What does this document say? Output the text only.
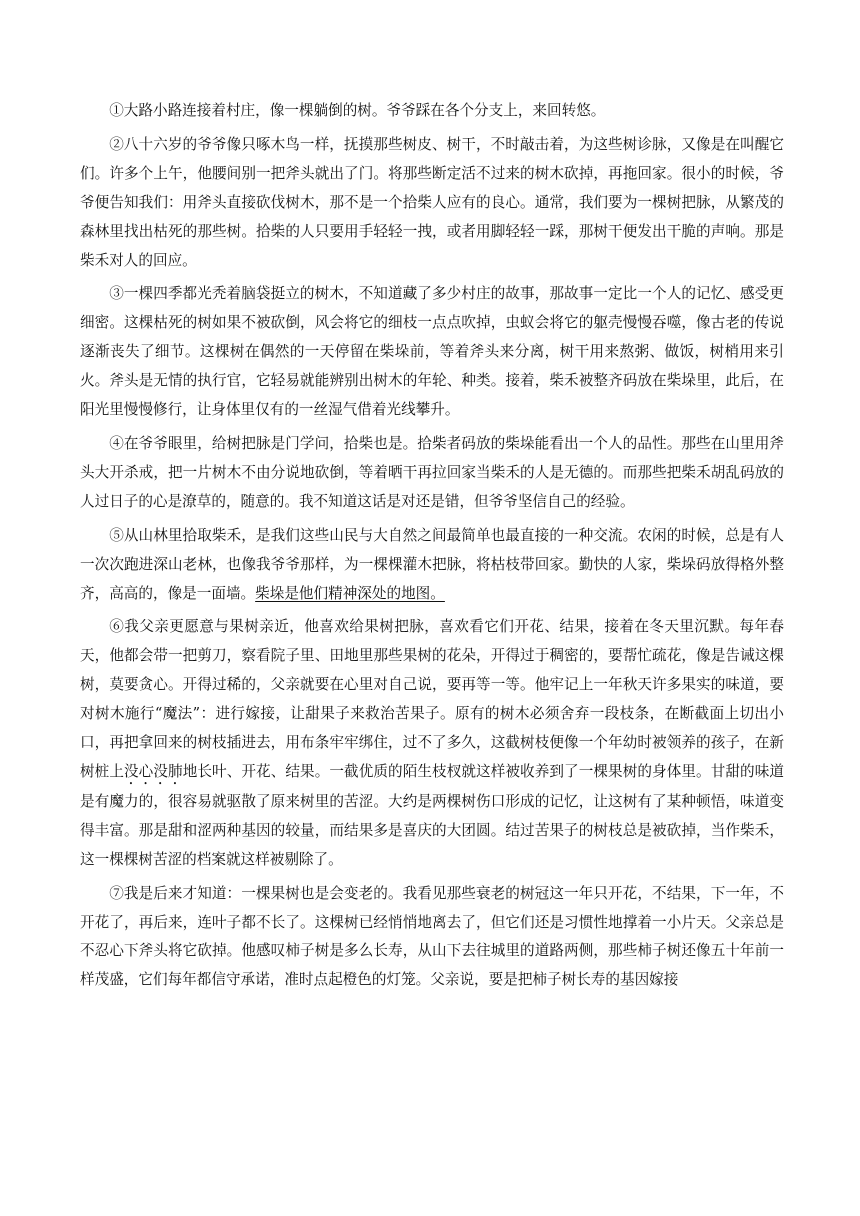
①大路小路连接着村庄，像一棵躺倒的树。爷爷踩在各个分支上，来回转悠。

②八十六岁的爷爷像只啄木鸟一样，抚摸那些树皮、树干，不时敲击着，为这些树诊脉，又像是在叫醒它们。许多个上午，他腰间别一把斧头就出了门。将那些断定活不过来的树木砍掉，再拖回家。很小的时候，爷爷便告知我们：用斧头直接砍伐树木，那不是一个拾柴人应有的良心。通常，我们要为一棵树把脉，从繁茂的森林里找出枯死的那些树。拾柴的人只要用手轻轻一拽，或者用脚轻轻一踩，那树干便发出干脆的声响。那是柴禾对人的回应。

③一棵四季都光秃着脑袋挺立的树木，不知道藏了多少村庄的故事，那故事一定比一个人的记忆、感受更细密。这棵枯死的树如果不被砍倒，风会将它的细枝一点点吹掉，虫蚁会将它的躯壳慢慢吞噬，像古老的传说逐渐丧失了细节。这棵树在偶然的一天停留在柴垛前，等着斧头来分离，树干用来熬粥、做饭，树梢用来引火。斧头是无情的执行官，它轻易就能辨别出树木的年轮、种类。接着，柴禾被整齐码放在柴垛里，此后，在阳光里慢慢修行，让身体里仅有的一丝湿气借着光线攀升。

④在爷爷眼里，给树把脉是门学问，拾柴也是。拾柴者码放的柴垛能看出一个人的品性。那些在山里用斧头大开杀戒，把一片树木不由分说地砍倒，等着晒干再拉回家当柴禾的人是无德的。而那些把柴禾胡乱码放的人过日子的心是潦草的，随意的。我不知道这话是对还是错，但爷爷坚信自己的经验。

⑤从山林里拾取柴禾，是我们这些山民与大自然之间最简单也最直接的一种交流。农闲的时候，总是有人一次次跑进深山老林，也像我爷爷那样，为一棵棵灌木把脉，将枯枝带回家。勤快的人家，柴垛码放得格外整齐，高高的，像是一面墙。柴垛是他们精神深处的地图。

⑥我父亲更愿意与果树亲近，他喜欢给果树把脉，喜欢看它们开花、结果，接着在冬天里沉默。每年春天，他都会带一把剪刀，察看院子里、田地里那些果树的花朵，开得过于稠密的，要帮忙疏花，像是告诫这棵树，莫要贪心。开得过稀的，父亲就要在心里对自己说，要再等一等。他牢记上一年秋天许多果实的味道，要对树木施行“魔法”：进行嫁接，让甜果子来救治苦果子。原有的树木必须舍弃一段枝条，在断截面上切出小口，再把拿回来的树枝插进去，用布条牢牢绑住，过不了多久，这截树枝便像一个年幼时被领养的孩子，在新树桩上没心没肺地长叶、开花、结果。一截优质的陌生枝杈就这样被收养到了一棵果树的身体里。甘甜的味道是有魔力的，很容易就驱散了原来树里的苦涩。大约是两棵树伤口形成的记忆，让这树有了某种顿悟，味道变得丰富。那是甜和涩两种基因的较量，而结果多是喜庆的大团圆。结过苦果子的树枝总是被砍掉，当作柴禾，这一棵棵树苦涩的档案就这样被剔除了。

⑦我是后来才知道：一棵果树也是会变老的。我看见那些衰老的树冠这一年只开花，不结果，下一年，不开花了，再后来，连叶子都不长了。这棵树已经悄悄地离去了，但它们还是习惯性地撑着一小片天。父亲总是不忍心下斧头将它砍掉。他感叹柿子树是多么长寿，从山下去往城里的道路两侧，那些柿子树还像五十年前一样茂盛，它们每年都信守承诺，准时点起橙色的灯笼。父亲说，要是把柿子树长寿的基因嫁接
